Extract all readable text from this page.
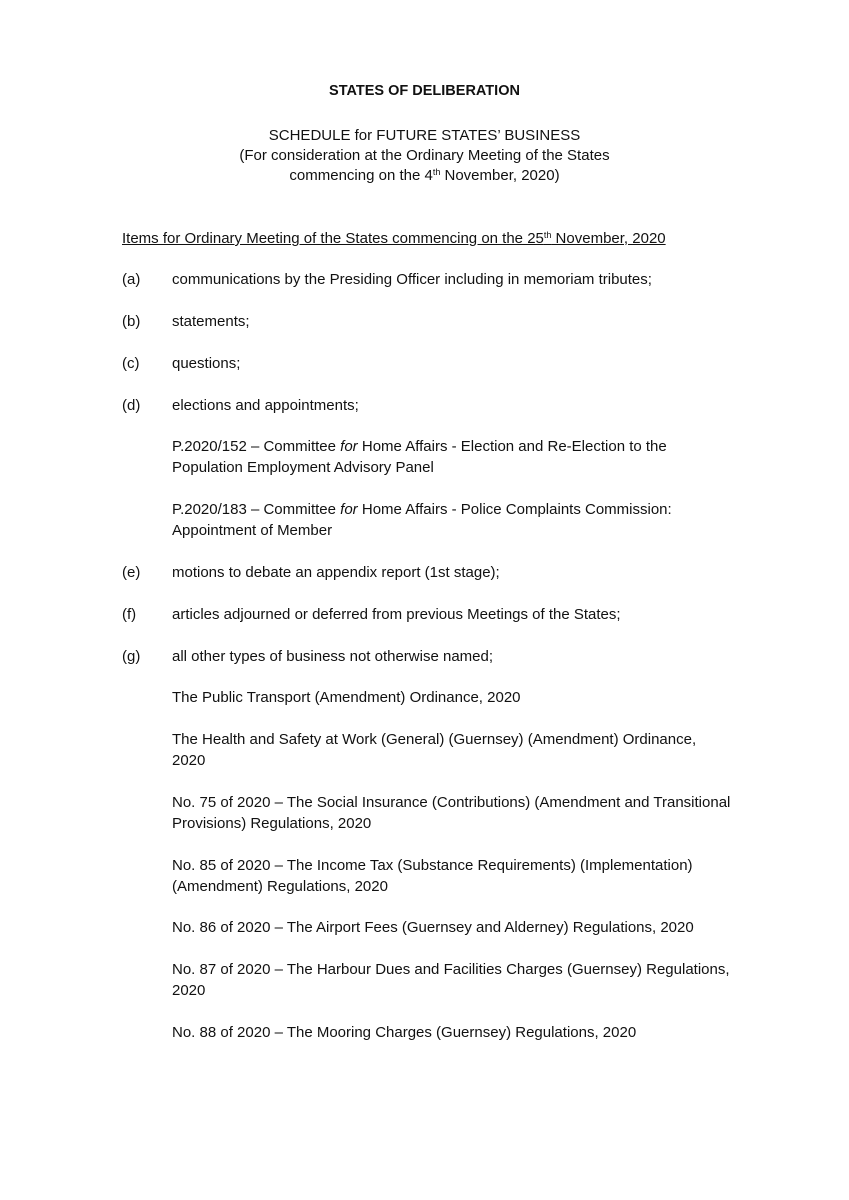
STATES OF DELIBERATION
SCHEDULE for FUTURE STATES’ BUSINESS
(For consideration at the Ordinary Meeting of the States
commencing on the 4th November, 2020)
Items for Ordinary Meeting of the States commencing on the 25th November, 2020
(a)	communications by the Presiding Officer including in memoriam tributes;
(b)	statements;
(c)	questions;
(d)	elections and appointments;
P.2020/152 – Committee for Home Affairs - Election and Re-Election to the Population Employment Advisory Panel
P.2020/183 – Committee for Home Affairs - Police Complaints Commission: Appointment of Member
(e)	motions to debate an appendix report (1st stage);
(f)	articles adjourned or deferred from previous Meetings of the States;
(g)	all other types of business not otherwise named;
The Public Transport (Amendment) Ordinance, 2020
The Health and Safety at Work (General) (Guernsey) (Amendment) Ordinance, 2020
No. 75 of 2020 – The Social Insurance (Contributions) (Amendment and Transitional Provisions) Regulations, 2020
No. 85 of 2020 – The Income Tax (Substance Requirements) (Implementation) (Amendment) Regulations, 2020
No. 86 of 2020 – The Airport Fees (Guernsey and Alderney) Regulations, 2020
No. 87 of 2020 – The Harbour Dues and Facilities Charges (Guernsey) Regulations, 2020
No. 88 of 2020 – The Mooring Charges (Guernsey) Regulations, 2020
